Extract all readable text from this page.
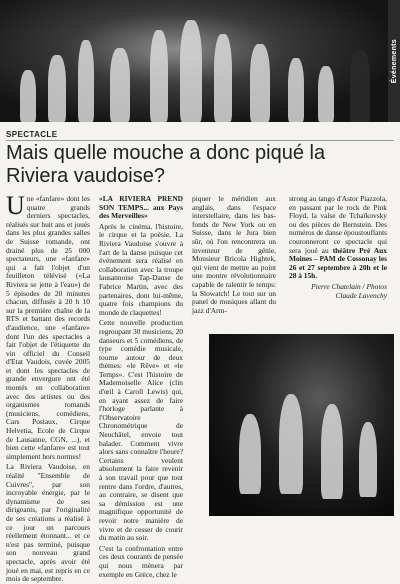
Événements
SPECTACLE
Mais quelle mouche a donc piqué la Riviera vaudoise?

Une «fanfare» dont les quatre grands derniers spectacles, réalisés sur huit ans et joués dans les plus grandes salles de Suisse romande, ont drainé plus de 25 000 spectateurs, une «fanfare» qui a fait l'objet d'un feuilleton télévisé («La Riviera se jette à l'eau») de 5 épisodes de 20 minutes chacun, diffusés à 20 h 10 sur la première chaîne de la RTS et battant des records d'audience, une «fanfare» dont l'un des spectacles a fait l'objet de l'étiquette du vin officiel du Conseil d'Etat Vaudois, cuvée 2005 et dont les spectacles de grande envergure ont été montés en collaboration avec des artistes ou des organismes romands (musiciens, comédiens, Cars Postaux, Cirque Helvetia, Ecole de Cirque de Lausanne, CGN, ...), et bien cette «fanfare» est tout simplement hors normes!

La Riviera Vaudoise, en réalité "Ensemble de Cuivres", par son incroyable énergie, par le dynamisme de ses dirigeants, par l'originalité de ses créations a réalisé à ce jour un parcours réellement étonnant... et ce n'est pas terminé, puisque son nouveau grand spectacle, après avoir été joué en mai, est repris en ce mois de septembre.

«LA RIVIERA PREND SON TEMPS... aux Pays des Merveilles»

Après le cinéma, l'histoire, le cirque et la poésie, La Riviera Vaudoise s'ouvre à l'art de la danse puisque cet événement sera réalisé en collaboration avec la troupe lausannoise Tap-Danse de Fabrice Martin, avec des partenaires, dont lui-même, quatre fois champions du monde de claquettes!

Cette nouvelle production regroupant 30 musiciens, 20 danseurs et 5 comédiens, de type comédie musicale, tourne autour de deux thèmes: «le Rêve» et «le Temps». C'est l'histoire de Mademoiselle Alice (clin d'œil à Caroll Lewis) qui, en ayant assez de faire l'horloge parlante à l'Observatoire Chronométrique de Neuchâtel, envoie tout balader. Comment vivre alors sans connaître l'heure? Certains veulent absolument la faire revenir à son travail pour que tout rentre dans l'ordre, d'autres, au contraire, se disent que sa démission est une magnifique opportunité de revoir notre manière de vivre et de cesser de courir du matin au soir.

C'est la confrontation entre ces deux courants de pensée qui nous mènera par exemple en Grèce, chez le

piquer le méridien aux anglais, dans l'espace interstellaire, dans les bas-fonds de New York ou en Suisse, dans le Jura bien sûr, où l'on rencontrera un inventeur de génie, Monsieur Bricola Hightek, qui vient de mettre au point une montre révolutionnaire capable de ralentir le temps: la Slowatch! Le tout sur un panel de musiques allant du jazz d'Arm-

strong au tango d'Astor Piazzola, en passant par le rock de Pink Floyd, la valse de Tchaïkovsky ou des pièces de Bernstein. Des numéros de danse époustouflants couronneront ce spectacle qui sera joué au théâtre Pré Aux Moines – PAM de Cossonay les 26 et 27 septembre à 20h et le 28 à 15h.

Pierre Chatelain / Photos Claude Lavenchy
